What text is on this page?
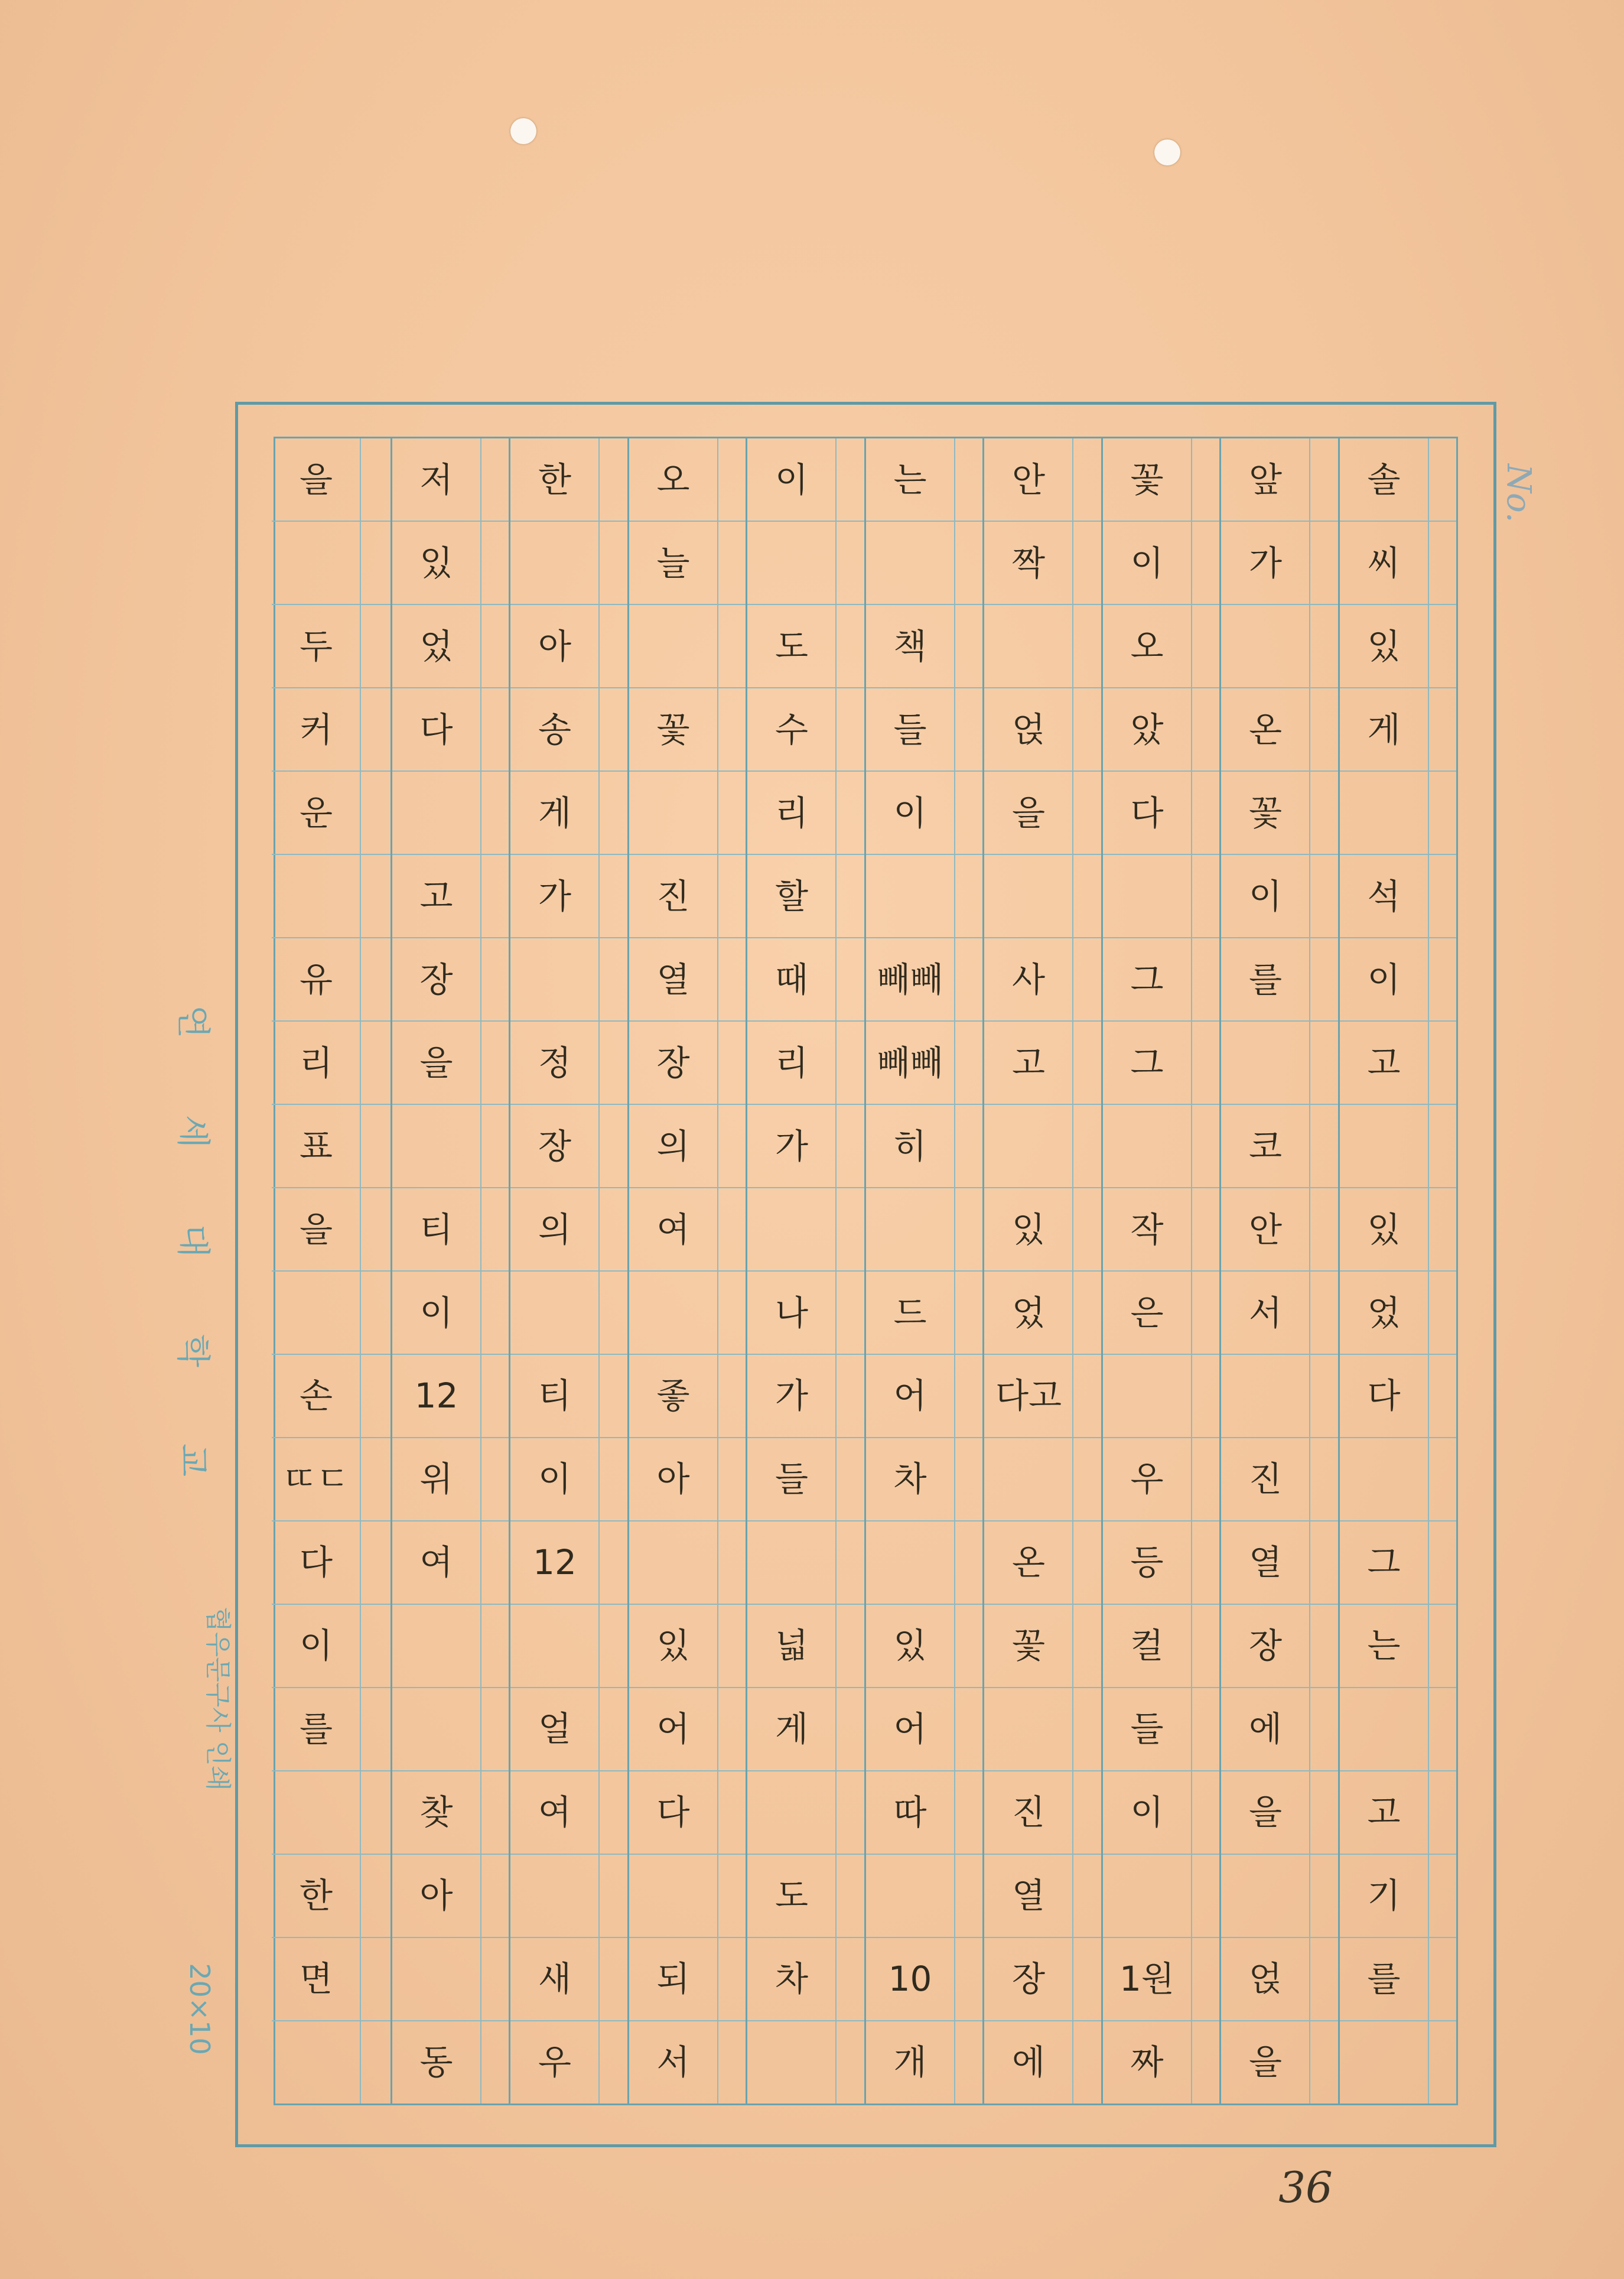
No.
솔
씨
있
게
석
이
고
있
었
다
그
는
고
기
를
앞
가
온
꽃
이
를
코
안
서
진
열
장
에
을
얹
을
꽃
이
오
았
다
그
그
작
은
우
등
컬
들
이
1원
짜
안
짝
얹
을
사
고
있
었
다고
온
꽃
진
열
장
에
는
책
들
이
빼빼
빼빼
히
드
어
차
있
어
따
10
개
이
도
수
리
할
때
리
가
나
가
들
넓
게
도
차
오
늘
꽃
진
열
장
의
여
좋
아
있
어
다
되
서
한
아
송
게
가
정
장
의
티
이
12
얼
여
새
우
저
있
었
다
고
장
을
티
이
12
위
여
찾
아
동
을
두
커
운
유
리
표
을
손
ㄸㄷ
다
이
를
한
면
연
세
대
학
교
협우문구사 인쇄
20×10
36
